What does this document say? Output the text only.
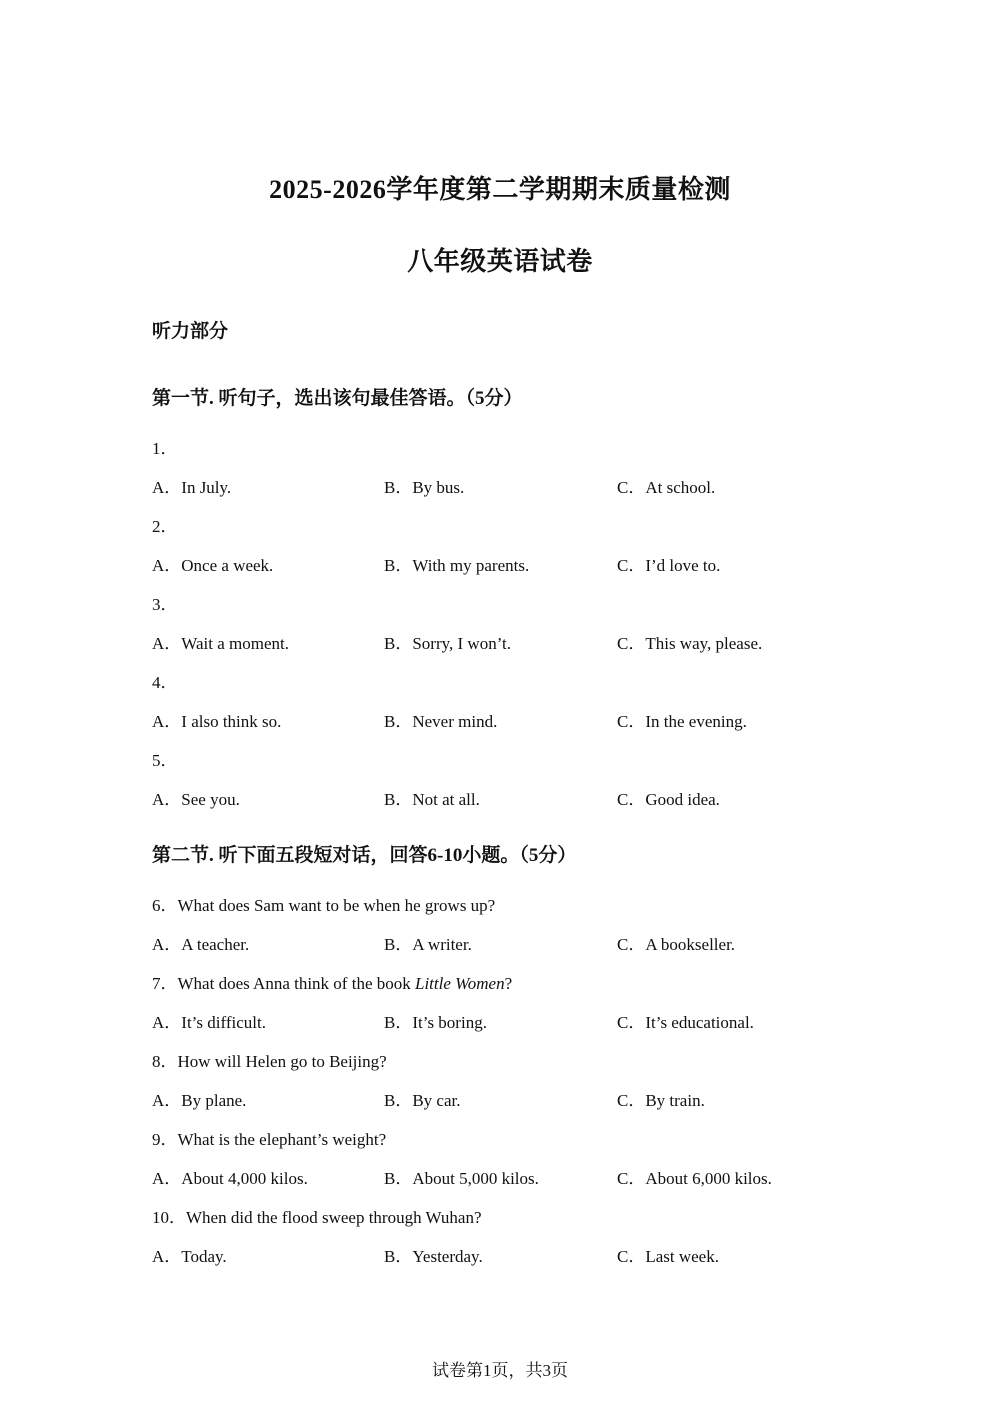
2025-2026学年度第二学期期末质量检测
八年级英语试卷
听力部分
第一节. 听句子，选出该句最佳答语。（5分）
1．
A．In July.	B．By bus.	C．At school.
2．
A．Once a week.	B．With my parents.	C．I’d love to.
3．
A．Wait a moment.	B．Sorry, I won’t.	C．This way, please.
4．
A．I also think so.	B．Never mind.	C．In the evening.
5．
A．See you.	B．Not at all.	C．Good idea.
第二节. 听下面五段短对话，回答6-10小题。（5分）
6．What does Sam want to be when he grows up?
A．A teacher.	B．A writer.	C．A bookseller.
7．What does Anna think of the book Little Women?
A．It’s difficult.	B．It’s boring.	C．It’s educational.
8．How will Helen go to Beijing?
A．By plane.	B．By car.	C．By train.
9．What is the elephant’s weight?
A．About 4,000 kilos.	B．About 5,000 kilos.	C．About 6,000 kilos.
10．When did the flood sweep through Wuhan?
A．Today.	B．Yesterday.	C．Last week.
试卷第1页，共3页
